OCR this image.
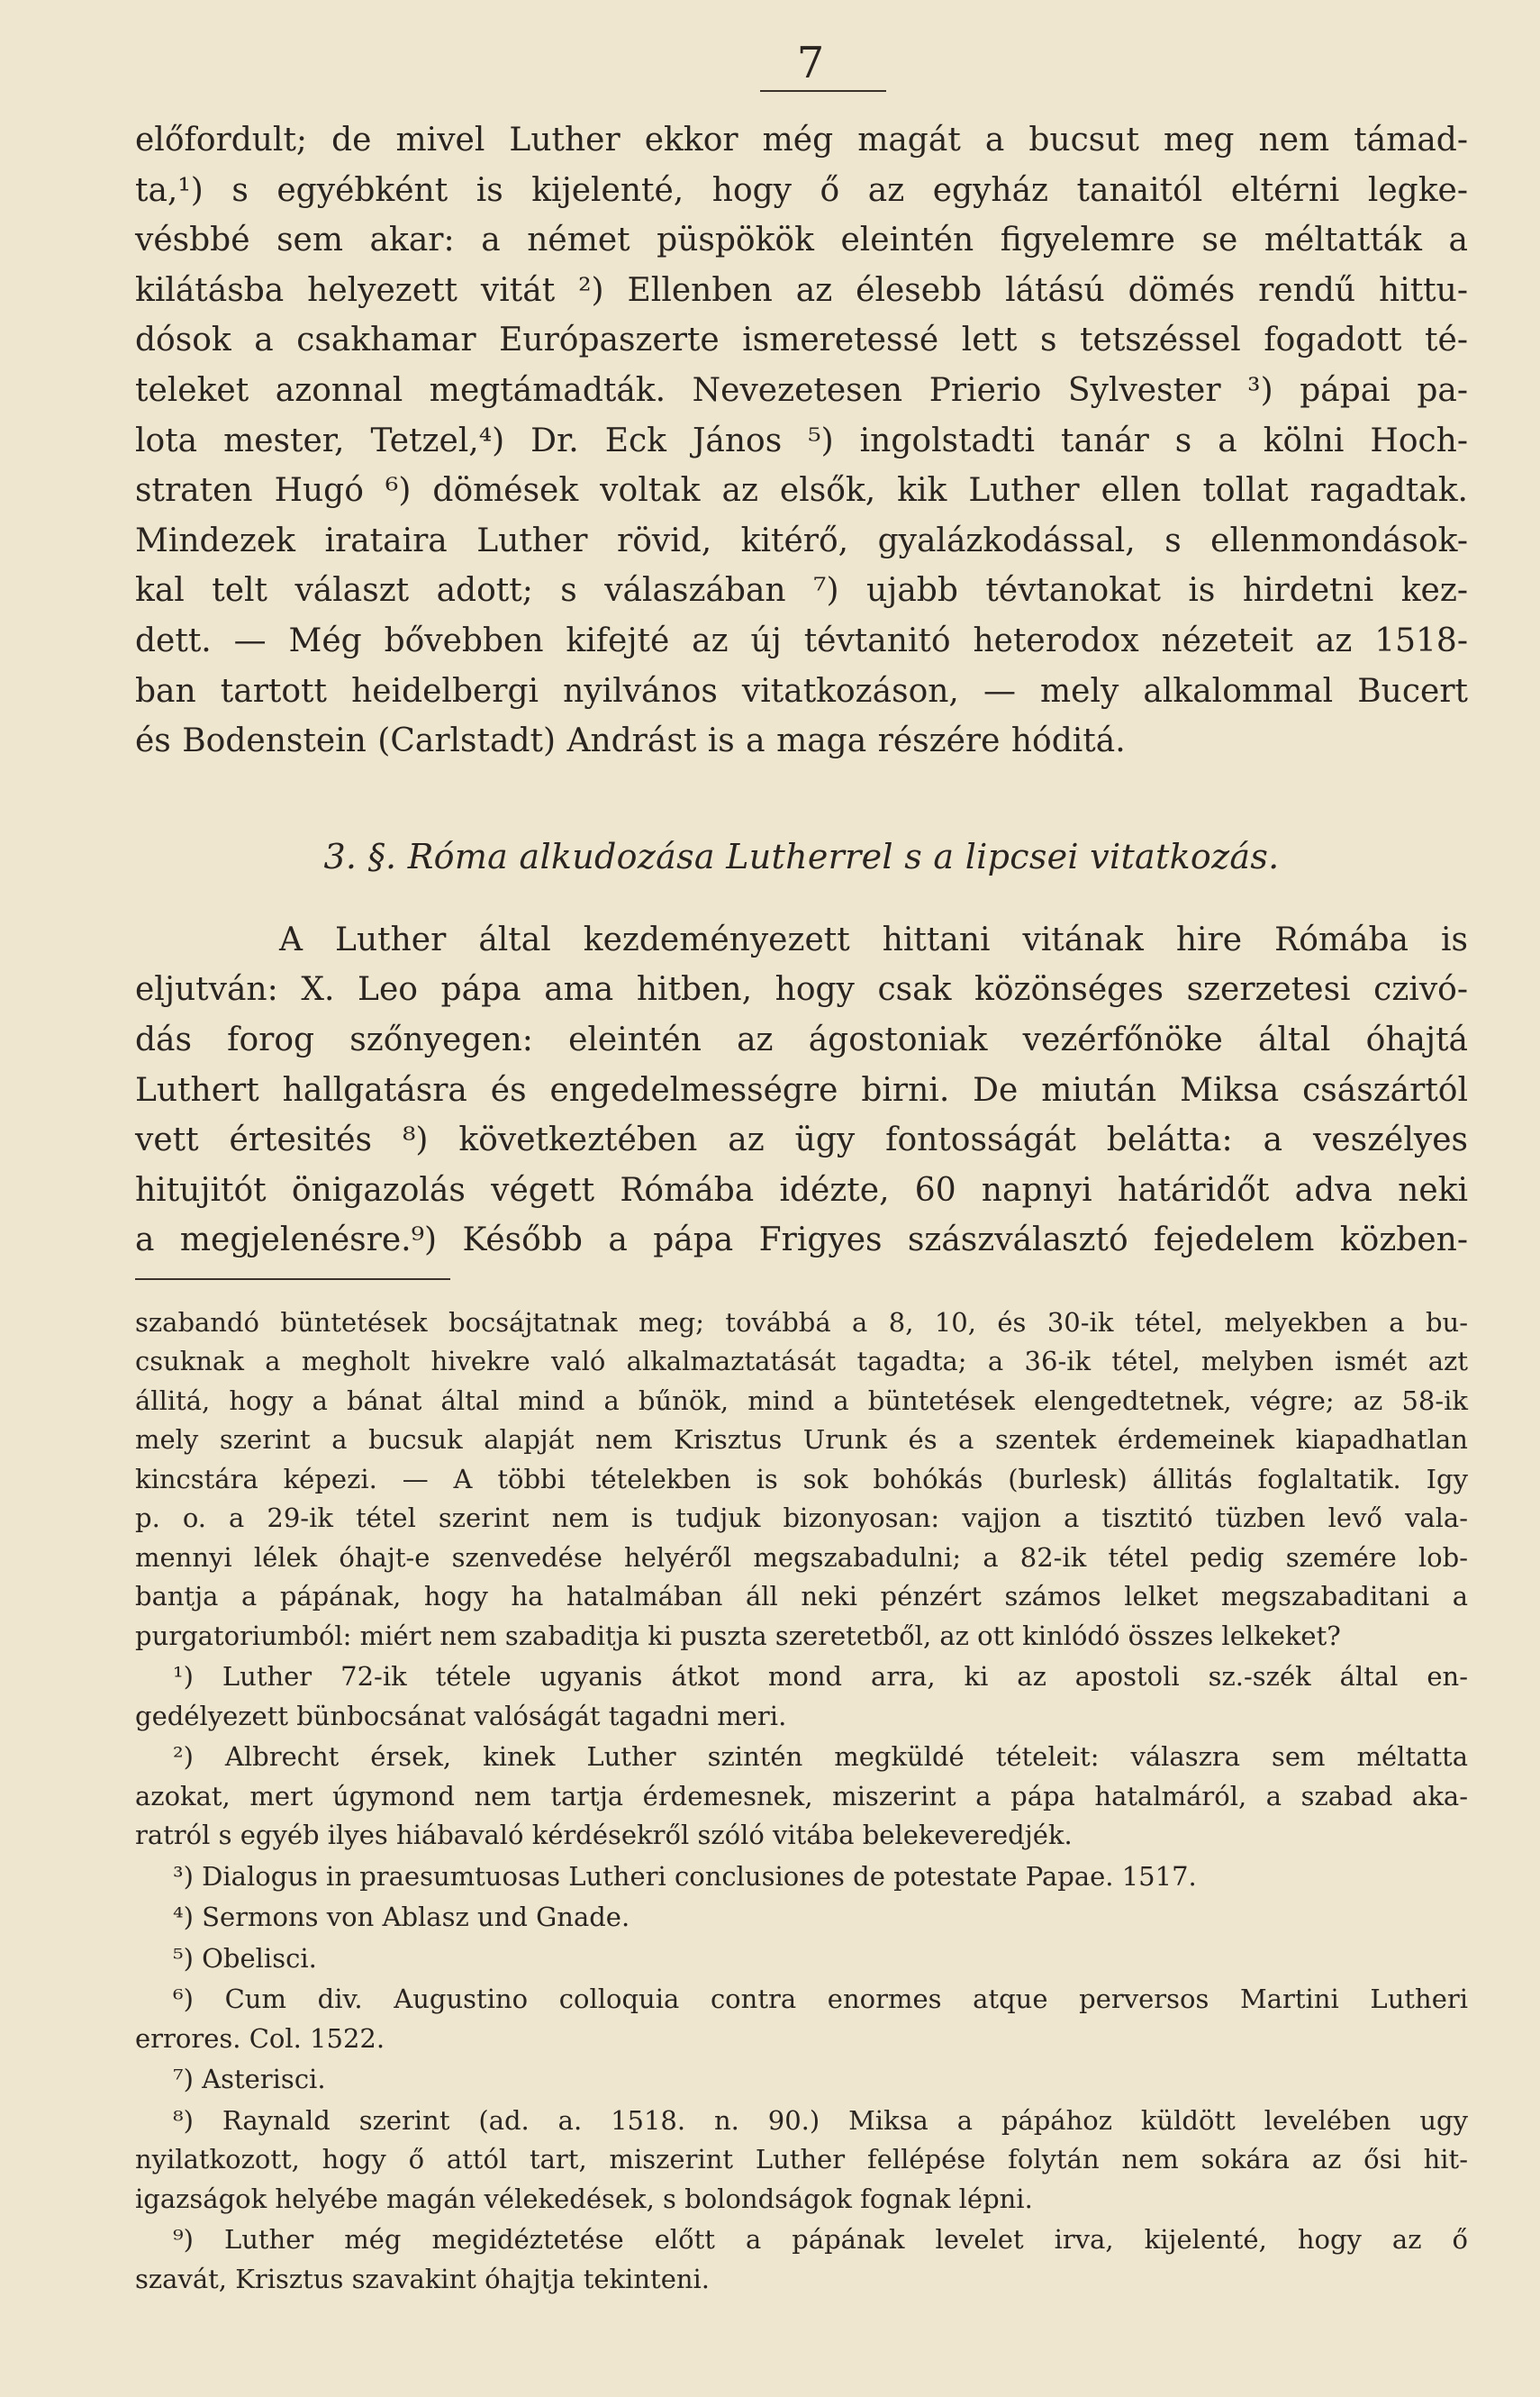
7
előfordult; de mivel Luther ekkor még magát a bucsut meg nem támad-
ta,¹) s egyébként is kijelenté, hogy ő az egyház tanaitól eltérni legke-
vésbbé sem akar: a német püspökök eleintén figyelemre se méltatták a
kilátásba helyezett vitát ²) Ellenben az élesebb látású dömés rendű hittu-
dósok a csakhamar Európaszerte ismeretessé lett s tetszéssel fogadott té-
teleket azonnal megtámadták. Nevezetesen Prierio Sylvester ³) pápai pa-
lota mester, Tetzel,⁴) Dr. Eck János ⁵) ingolstadti tanár s a kölni Hoch-
straten Hugó ⁶) dömések voltak az elsők, kik Luther ellen tollat ragadtak.
Mindezek irataira Luther rövid, kitérő, gyalázkodással, s ellenmondások-
kal telt választ adott; s válaszában ⁷) ujabb tévtanokat is hirdetni kez-
dett. — Még bővebben kifejté az új tévtanitó heterodox nézeteit az 1518-
ban tartott heidelbergi nyilvános vitatkozáson, — mely alkalommal Bucert
és Bodenstein (Carlstadt) Andrást is a maga részére hóditá.
3. §. Róma alkudozása Lutherrel s a lipcsei vitatkozás.
A Luther által kezdeményezett hittani vitának hire Rómába is
eljutván: X. Leo pápa ama hitben, hogy csak közönséges szerzetesi czivó-
dás forog szőnyegen: eleintén az ágostoniak vezérfőnöke által óhajtá
Luthert hallgatásra és engedelmességre birni. De miután Miksa császártól
vett értesités ⁸) következtében az ügy fontosságát belátta: a veszélyes
hitujitót önigazolás végett Rómába idézte, 60 napnyi határidőt adva neki
a megjelenésre.⁹) Később a pápa Frigyes szászválasztó fejedelem közben-
szabandó büntetések bocsájtatnak meg; továbbá a 8, 10, és 30-ik tétel, melyekben a bu-
csuknak a megholt hivekre való alkalmaztatását tagadta; a 36-ik tétel, melyben ismét azt
állitá, hogy a bánat által mind a bűnök, mind a büntetések elengedtetnek, végre; az 58-ik
mely szerint a bucsuk alapját nem Krisztus Urunk és a szentek érdemeinek kiapadhatlan
kincstára képezi. — A többi tételekben is sok bohókás (burlesk) állitás foglaltatik. Igy
p. o. a 29-ik tétel szerint nem is tudjuk bizonyosan: vajjon a tisztitó tüzben levő vala-
mennyi lélek óhajt-e szenvedése helyéről megszabadulni; a 82-ik tétel pedig szemére lob-
bantja a pápának, hogy ha hatalmában áll neki pénzért számos lelket megszabaditani a
purgatoriumból: miért nem szabaditja ki puszta szeretetből, az ott kinlódó összes lelkeket?
¹) Luther 72-ik tétele ugyanis átkot mond arra, ki az apostoli sz.-szék által en-
gedélyezett bünbocsánat valóságát tagadni meri.
²) Albrecht érsek, kinek Luther szintén megküldé tételeit: válaszra sem méltatta
azokat, mert úgymond nem tartja érdemesnek, miszerint a pápa hatalmáról, a szabad aka-
ratról s egyéb ilyes hiábavaló kérdésekről szóló vitába belekeveredjék.
³) Dialogus in praesumtuosas Lutheri conclusiones de potestate Papae. 1517.
⁴) Sermons von Ablasz und Gnade.
⁵) Obelisci.
⁶) Cum div. Augustino colloquia contra enormes atque perversos Martini Lutheri
errores. Col. 1522.
⁷) Asterisci.
⁸) Raynald szerint (ad. a. 1518. n. 90.) Miksa a pápához küldött levelében ugy
nyilatkozott, hogy ő attól tart, miszerint Luther fellépése folytán nem sokára az ősi hit-
igazságok helyébe magán vélekedések, s bolondságok fognak lépni.
⁹) Luther még megidéztetése előtt a pápának levelet irva, kijelenté, hogy az ő
szavát, Krisztus szavakint óhajtja tekinteni.
